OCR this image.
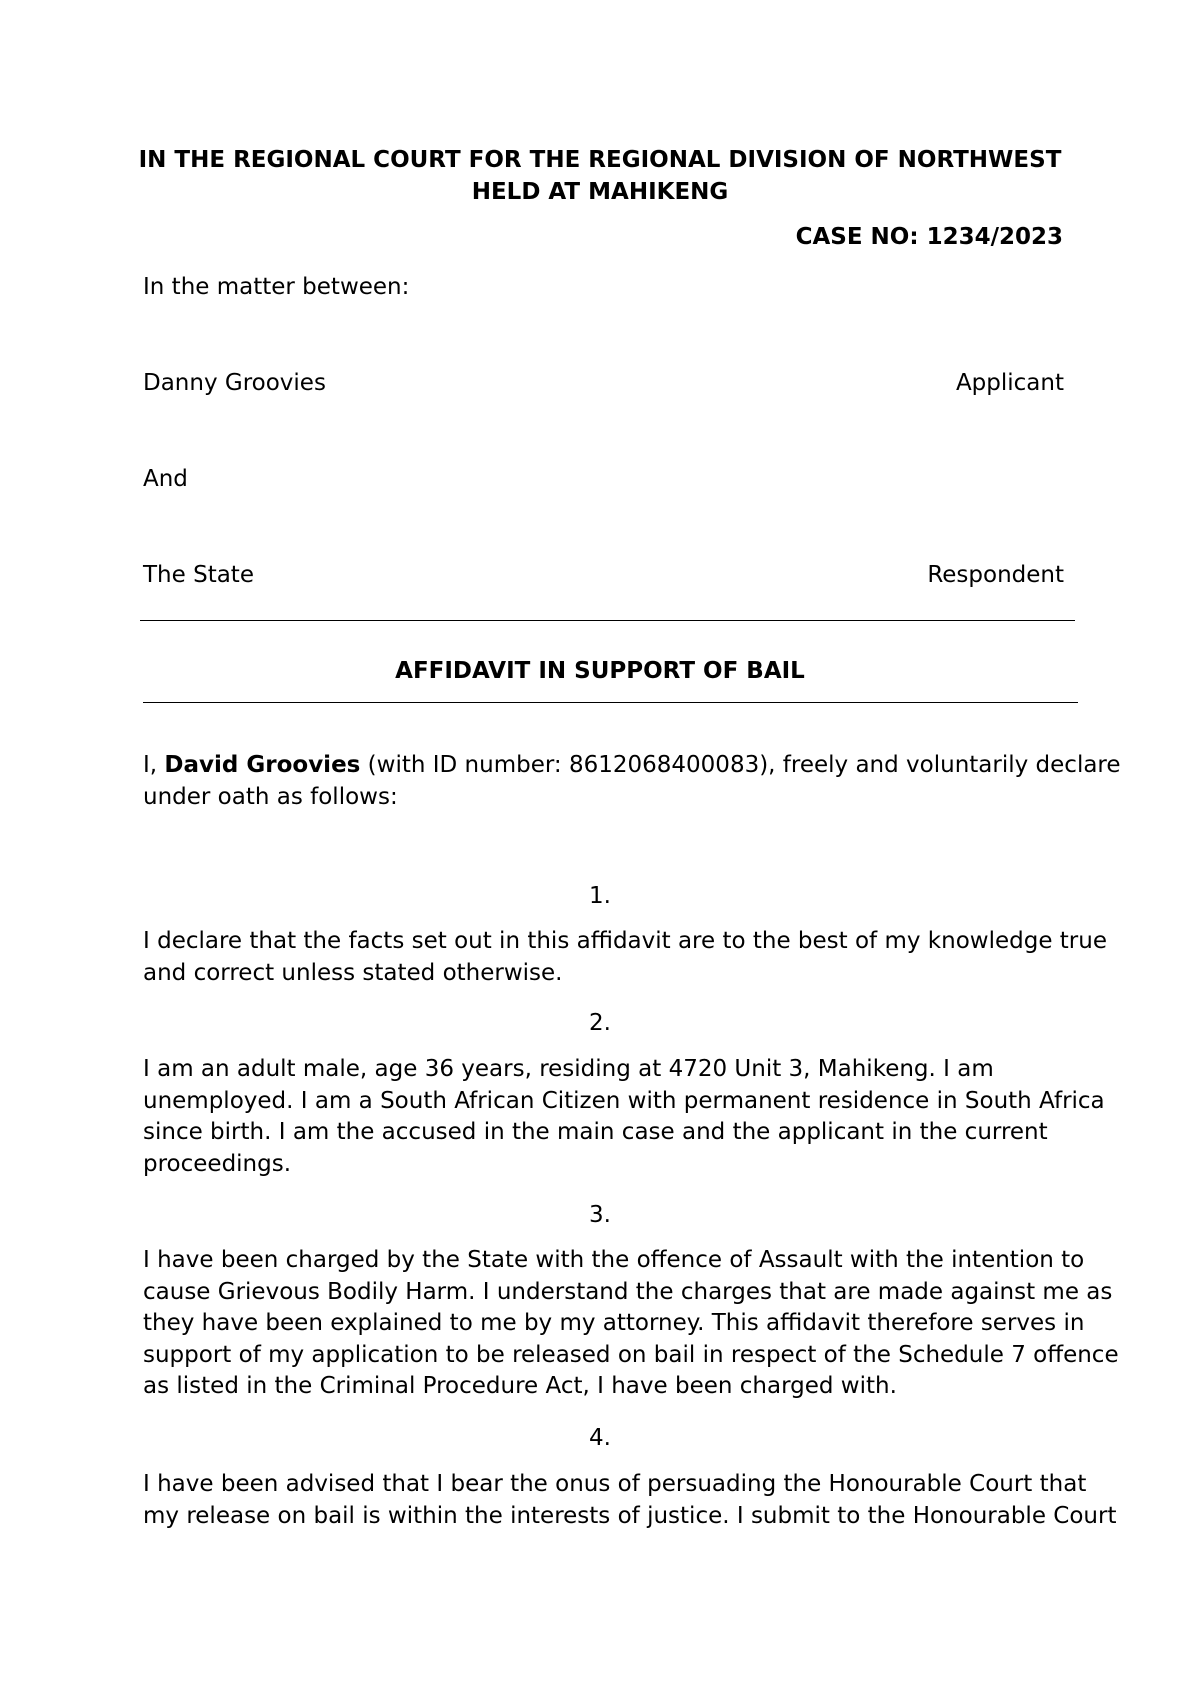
IN THE REGIONAL COURT FOR THE REGIONAL DIVISION OF NORTHWEST
HELD AT MAHIKENG
CASE NO: 1234/2023
In the matter between:
Danny Groovies	Applicant
And
The State	Respondent
AFFIDAVIT IN SUPPORT OF BAIL
I, David Groovies (with ID number: 8612068400083), freely and voluntarily declare
under oath as follows:
1.
I declare that the facts set out in this affidavit are to the best of my knowledge true
and correct unless stated otherwise.
2.
I am an adult male, age 36 years, residing at 4720 Unit 3, Mahikeng. I am
unemployed. I am a South African Citizen with permanent residence in South Africa
since birth. I am the accused in the main case and the applicant in the current
proceedings.
3.
I have been charged by the State with the offence of Assault with the intention to
cause Grievous Bodily Harm. I understand the charges that are made against me as
they have been explained to me by my attorney. This affidavit therefore serves in
support of my application to be released on bail in respect of the Schedule 7 offence
as listed in the Criminal Procedure Act, I have been charged with.
4.
I have been advised that I bear the onus of persuading the Honourable Court that
my release on bail is within the interests of justice. I submit to the Honourable Court
